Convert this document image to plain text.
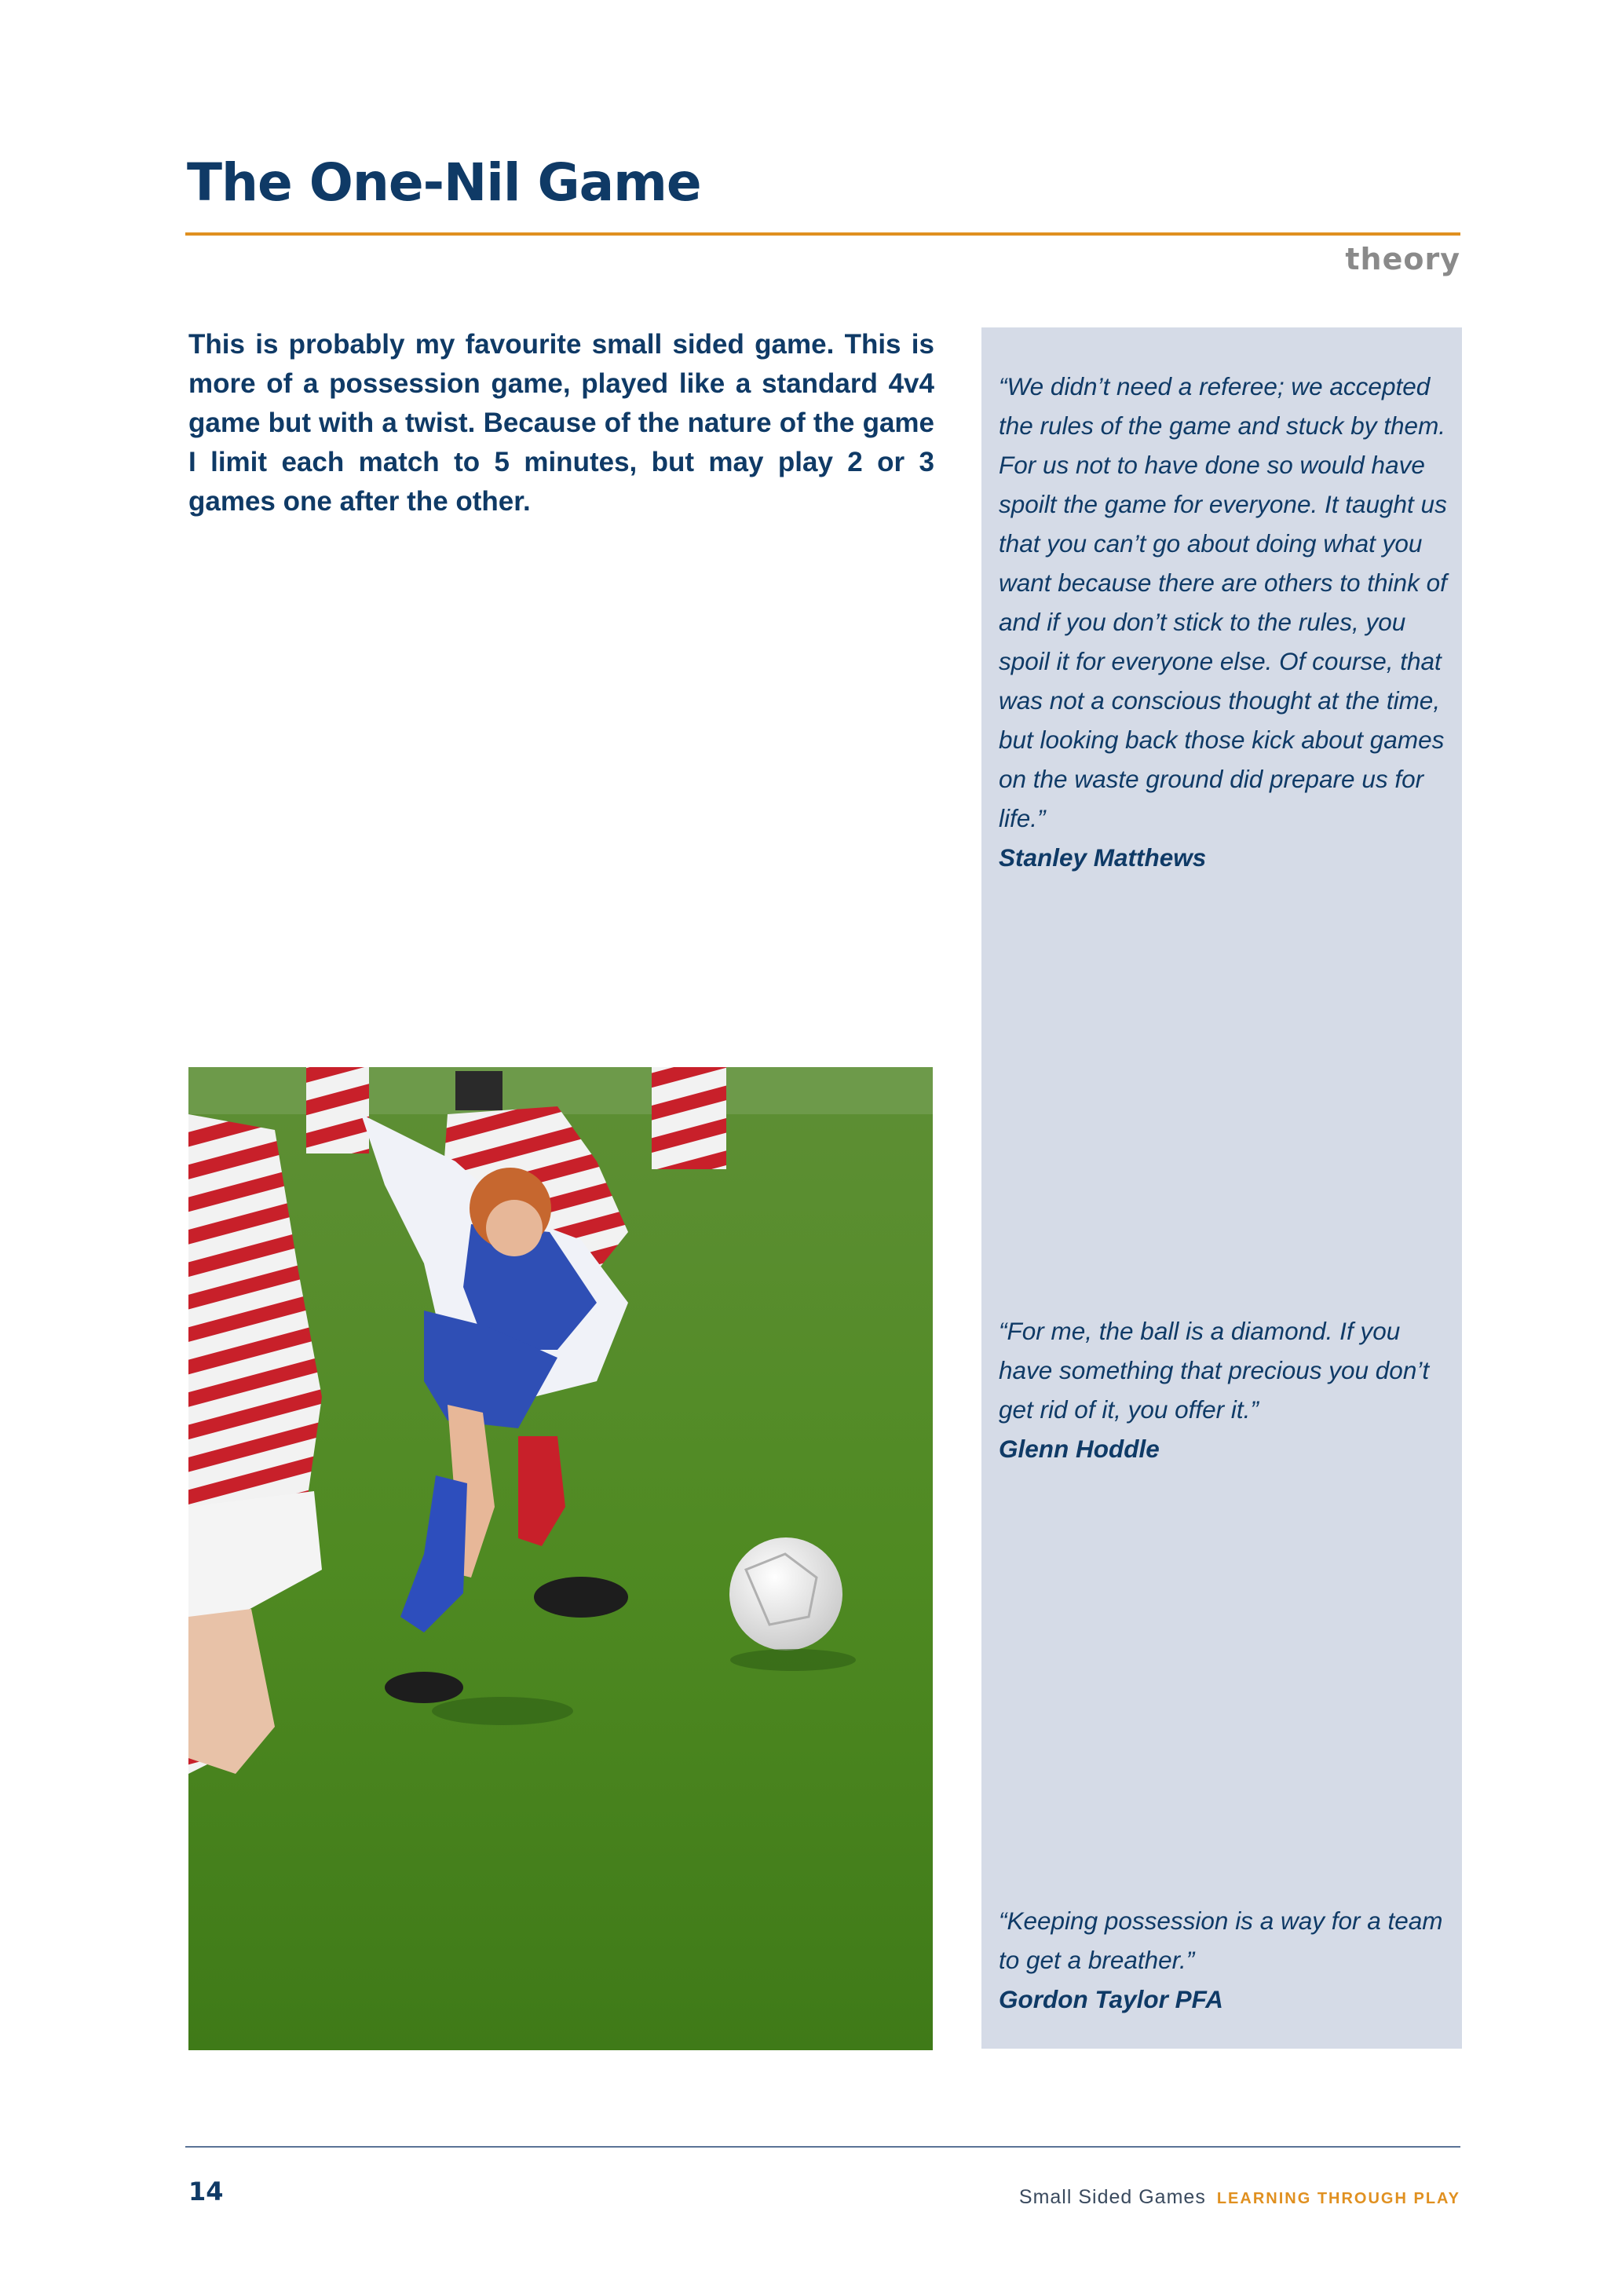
The One-Nil Game
theory

This is probably my favourite small sided game. This is more of a possession game, played like a standard 4v4 game but with a twist. Because of the nature of the game I limit each match to 5 minutes, but may play 2 or 3 games one after the other.

“We didn’t need a referee; we accepted the rules of the game and stuck by them. For us not to have done so would have spoilt the game for everyone. It taught us that you can’t go about doing what you want because there are others to think of and if you don’t stick to the rules, you spoil it for everyone else. Of course, that was not a conscious thought at the time, but looking back those kick about games on the waste ground did prepare us for life.”
Stanley Matthews
“For me, the ball is a diamond. If you have something that precious you don’t get rid of it, you offer it.”
Glenn Hoddle
“Keeping possession is a way for a team to get a breather.”
Gordon Taylor PFA
14	Small Sided Games LEARNING THROUGH PLAY
